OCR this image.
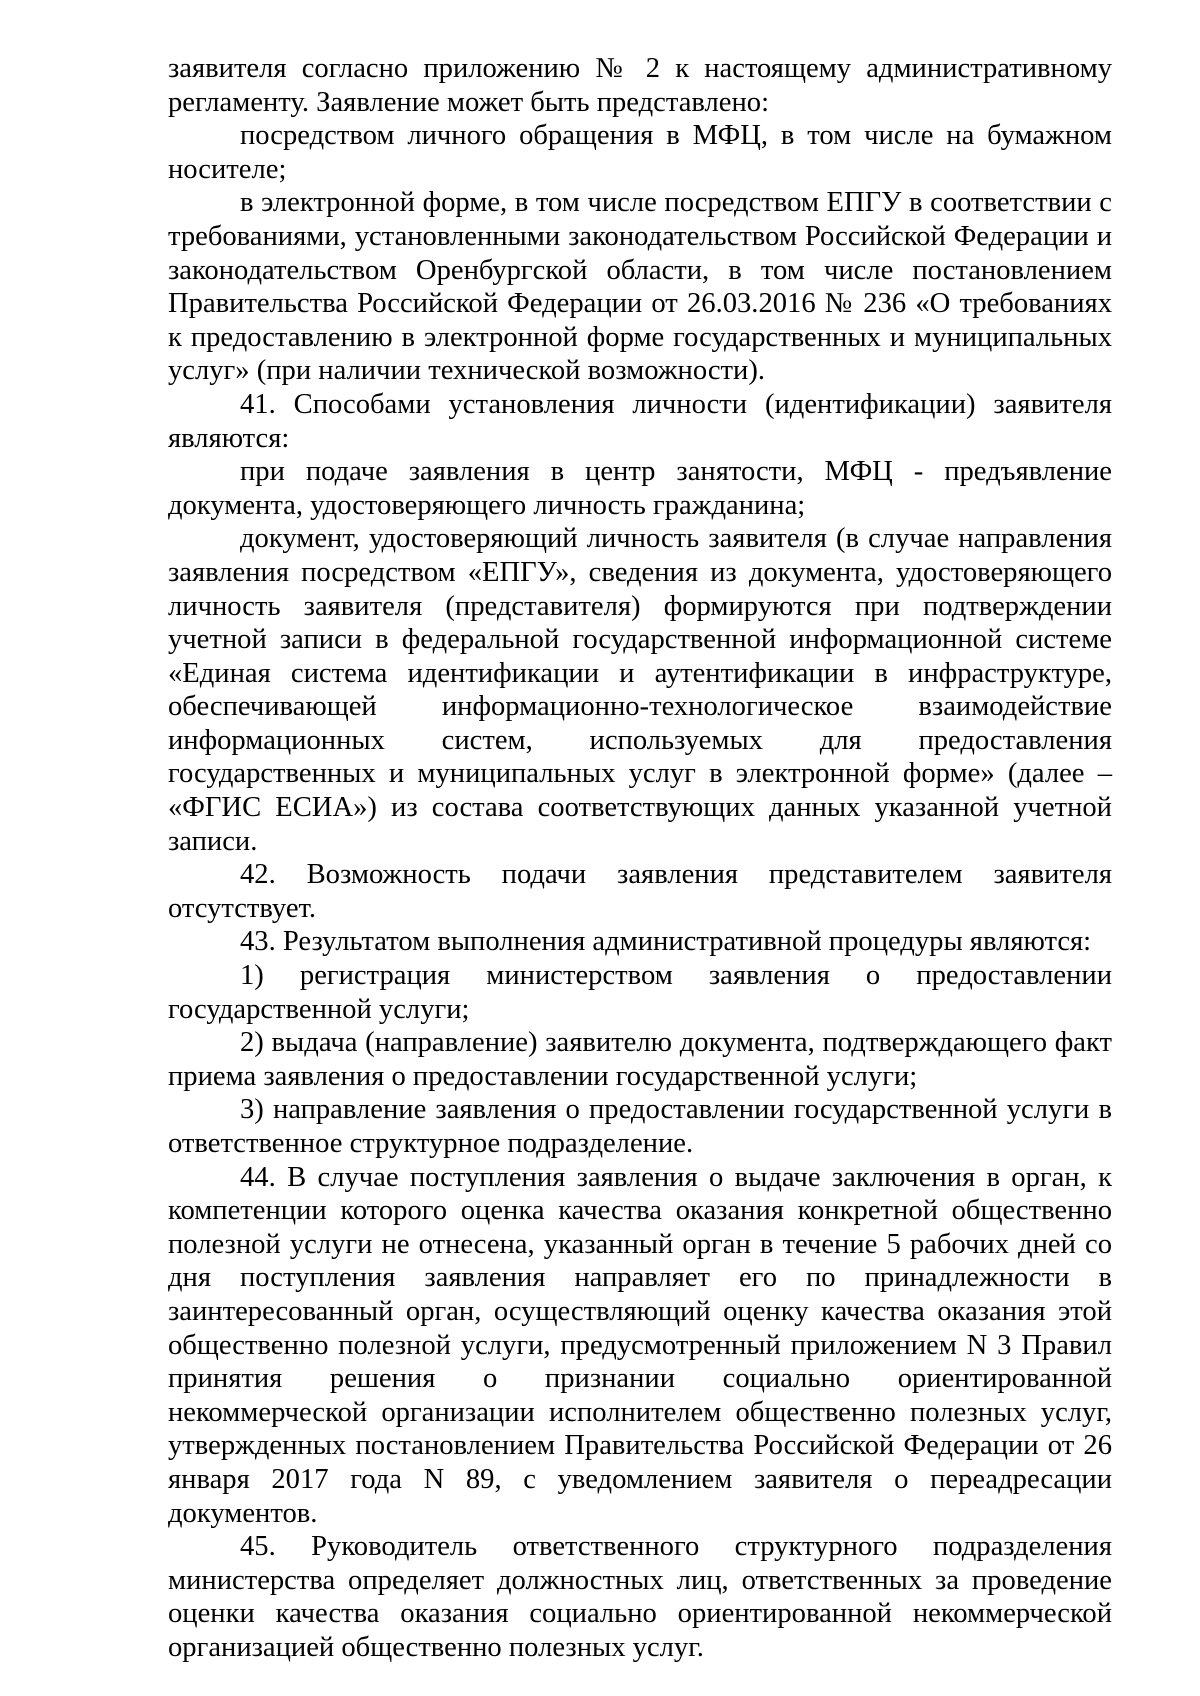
заявителя согласно приложению № 2 к настоящему административному регламенту. Заявление может быть представлено:

посредством личного обращения в МФЦ, в том числе на бумажном носителе;

в электронной форме, в том числе посредством ЕПГУ в соответствии с требованиями, установленными законодательством Российской Федерации и законодательством Оренбургской области, в том числе постановлением Правительства Российской Федерации от 26.03.2016 № 236 «О требованиях к предоставлению в электронной форме государственных и муниципальных услуг» (при наличии технической возможности).

41. Способами установления личности (идентификации) заявителя являются:

при подаче заявления в центр занятости, МФЦ - предъявление документа, удостоверяющего личность гражданина;

документ, удостоверяющий личность заявителя (в случае направления заявления посредством «ЕПГУ», сведения из документа, удостоверяющего личность заявителя (представителя) формируются при подтверждении учетной записи в федеральной государственной информационной системе «Единая система идентификации и аутентификации в инфраструктуре, обеспечивающей информационно-технологическое взаимодействие информационных систем, используемых для предоставления государственных и муниципальных услуг в электронной форме» (далее – «ФГИС ЕСИА») из состава соответствующих данных указанной учетной записи.

42. Возможность подачи заявления представителем заявителя отсутствует.

43. Результатом выполнения административной процедуры являются:

1) регистрация министерством заявления о предоставлении государственной услуги;

2) выдача (направление) заявителю документа, подтверждающего факт приема заявления о предоставлении государственной услуги;

3) направление заявления о предоставлении государственной услуги в ответственное структурное подразделение.

44. В случае поступления заявления о выдаче заключения в орган, к компетенции которого оценка качества оказания конкретной общественно полезной услуги не отнесена, указанный орган в течение 5 рабочих дней со дня поступления заявления направляет его по принадлежности в заинтересованный орган, осуществляющий оценку качества оказания этой общественно полезной услуги, предусмотренный приложением N 3 Правил принятия решения о признании социально ориентированной некоммерческой организации исполнителем общественно полезных услуг, утвержденных постановлением Правительства Российской Федерации от 26 января 2017 года N 89, с уведомлением заявителя о переадресации документов.

45. Руководитель ответственного структурного подразделения министерства определяет должностных лиц, ответственных за проведение оценки качества оказания социально ориентированной некоммерческой организацией общественно полезных услуг.
